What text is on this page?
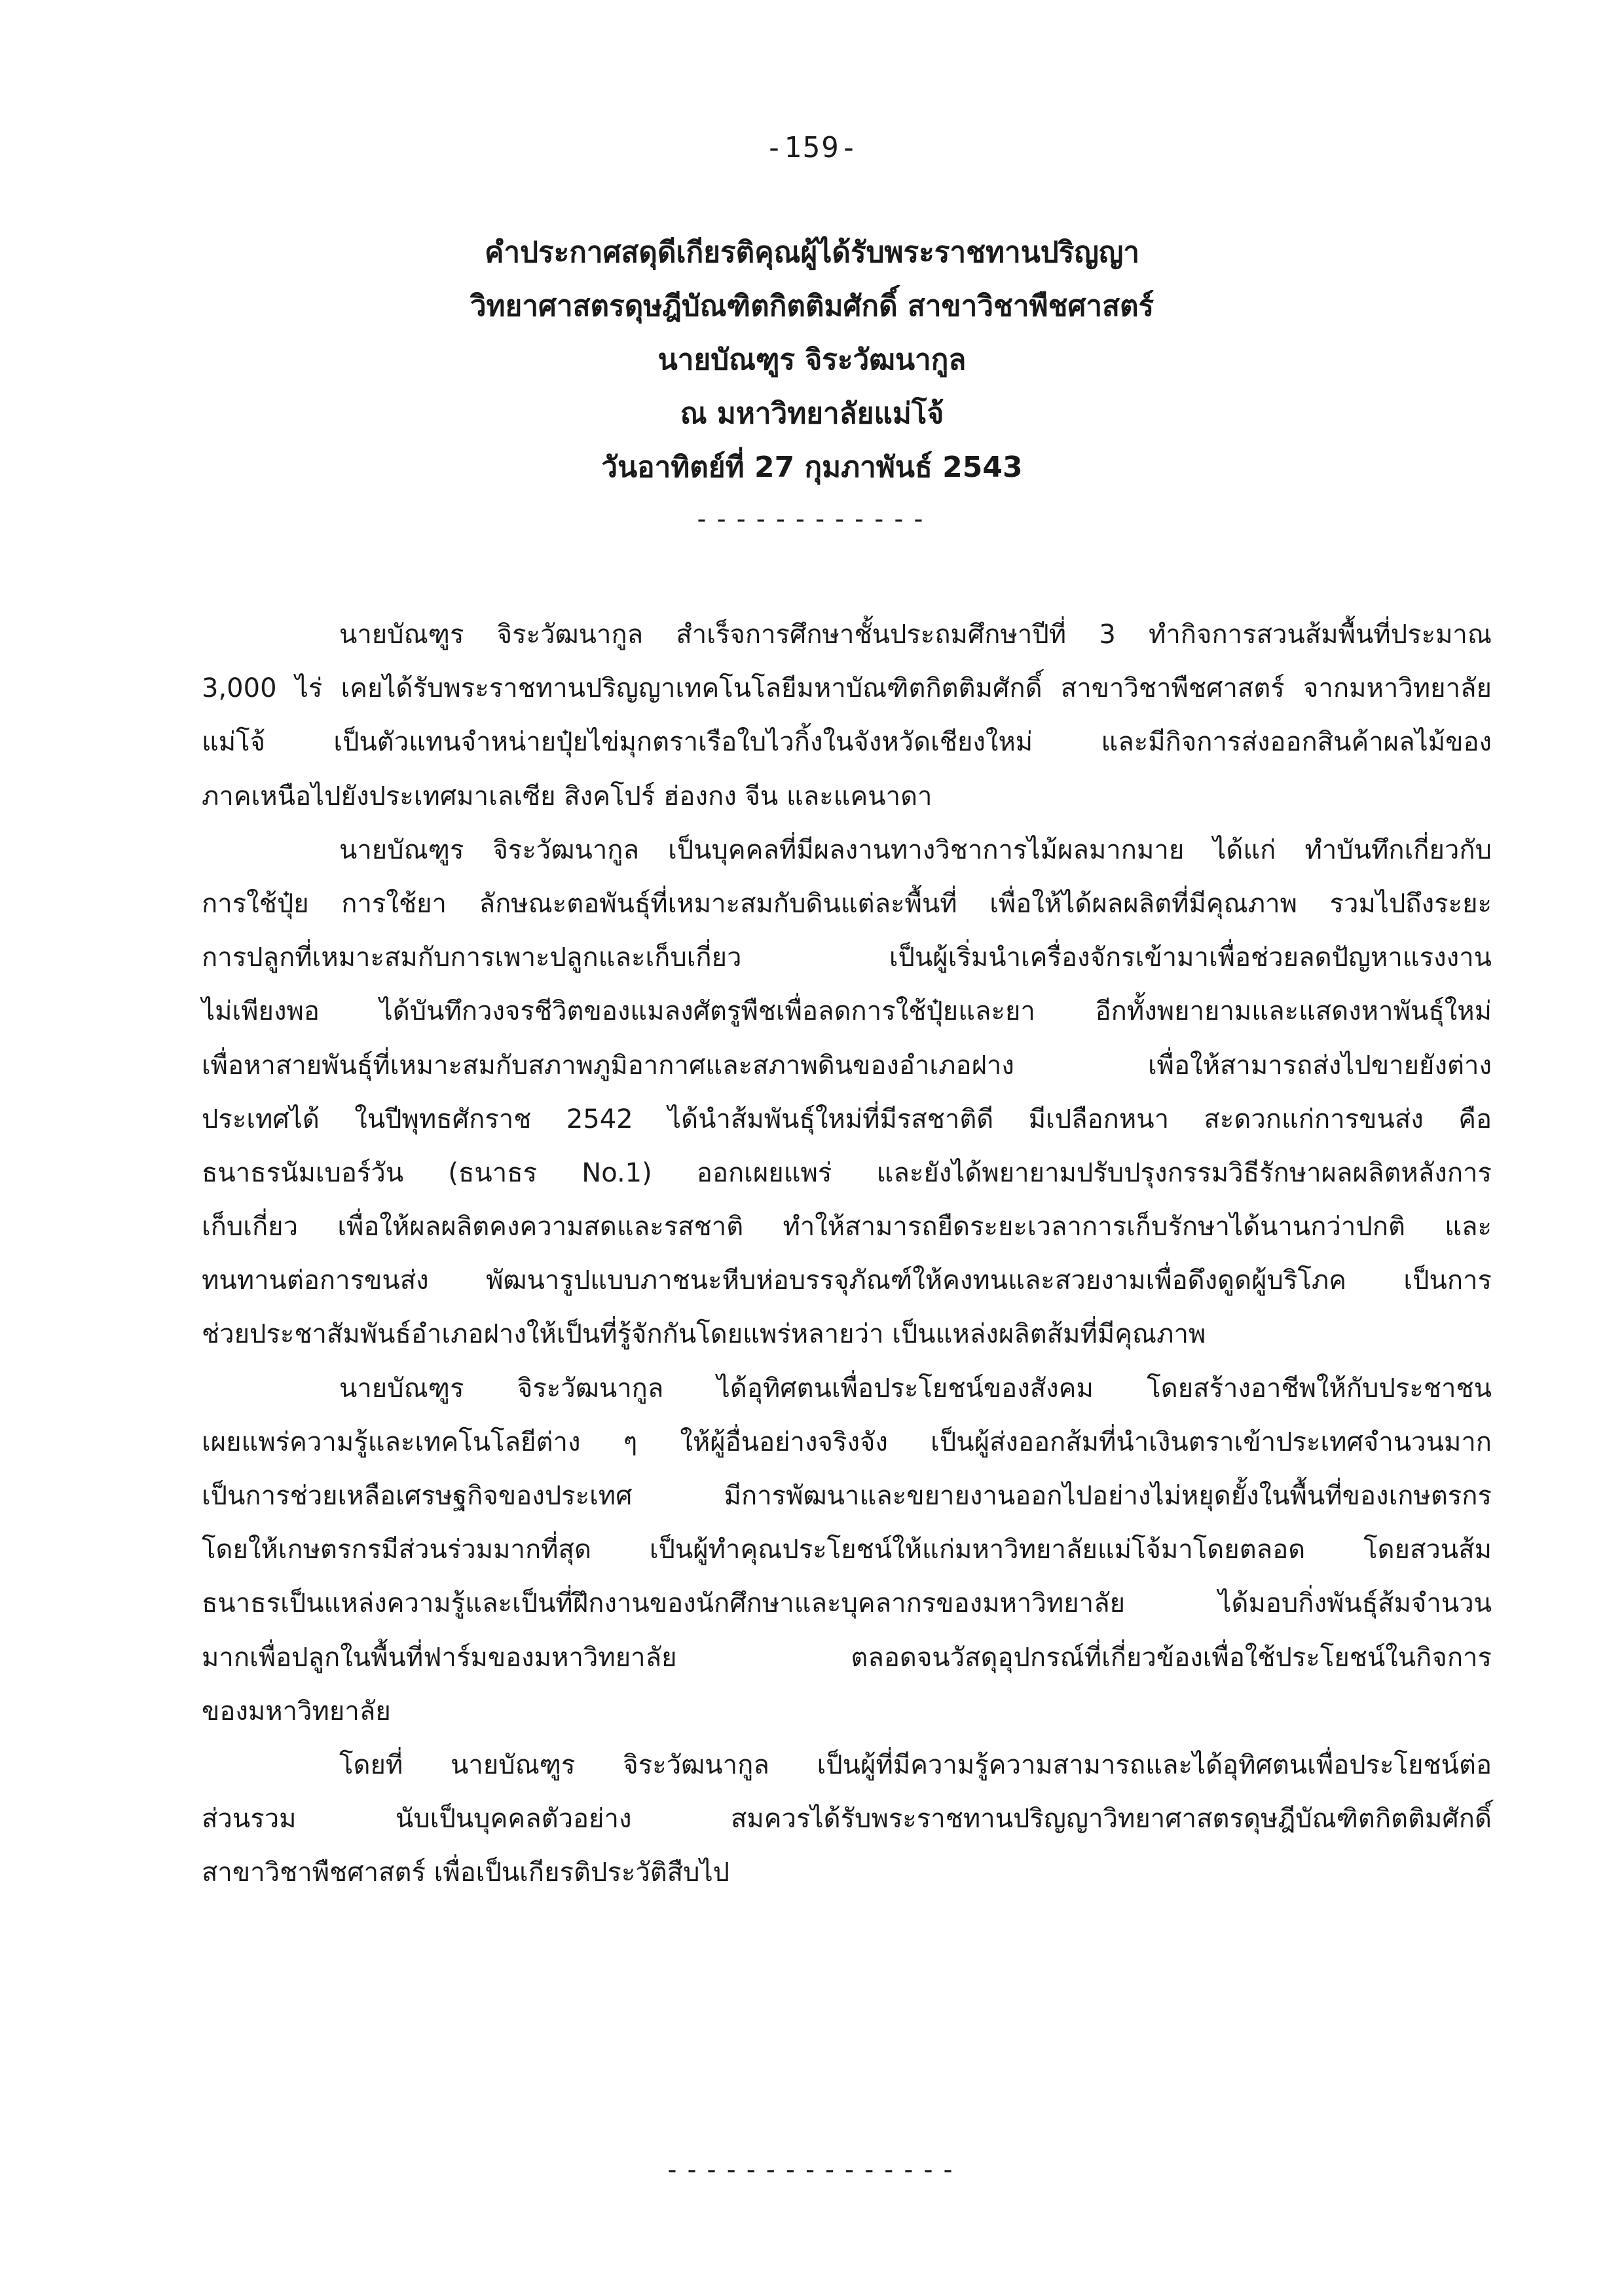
-159-
คำประกาศสดุดีเกียรติคุณผู้ได้รับพระราชทานปริญญา
วิทยาศาสตรดุษฎีบัณฑิตกิตติมศักดิ์ สาขาวิชาพืชศาสตร์
นายบัณฑูร จิระวัฒนากูล
ณ มหาวิทยาลัยแม่โจ้
วันอาทิตย์ที่ 27 กุมภาพันธ์ 2543
------------
นายบัณฑูร จิระวัฒนากูล สำเร็จการศึกษาชั้นประถมศึกษาปีที่ 3 ทำกิจการสวนส้มพื้นที่ประมาณ
3,000 ไร่ เคยได้รับพระราชทานปริญญาเทคโนโลยีมหาบัณฑิตกิตติมศักดิ์ สาขาวิชาพืชศาสตร์ จากมหาวิทยาลัย
แม่โจ้ เป็นตัวแทนจำหน่ายปุ๋ยไข่มุกตราเรือใบไวกิ้งในจังหวัดเชียงใหม่ และมีกิจการส่งออกสินค้าผลไม้ของ
ภาคเหนือไปยังประเทศมาเลเซีย สิงคโปร์ ฮ่องกง จีน และแคนาดา
นายบัณฑูร จิระวัฒนากูล เป็นบุคคลที่มีผลงานทางวิชาการไม้ผลมากมาย ได้แก่ ทำบันทึกเกี่ยวกับ
การใช้ปุ๋ย การใช้ยา ลักษณะตอพันธุ์ที่เหมาะสมกับดินแต่ละพื้นที่ เพื่อให้ได้ผลผลิตที่มีคุณภาพ รวมไปถึงระยะ
การปลูกที่เหมาะสมกับการเพาะปลูกและเก็บเกี่ยว เป็นผู้เริ่มนำเครื่องจักรเข้ามาเพื่อช่วยลดปัญหาแรงงาน
ไม่เพียงพอ ได้บันทึกวงจรชีวิตของแมลงศัตรูพืชเพื่อลดการใช้ปุ๋ยและยา อีกทั้งพยายามและแสดงหาพันธุ์ใหม่
เพื่อหาสายพันธุ์ที่เหมาะสมกับสภาพภูมิอากาศและสภาพดินของอำเภอฝาง เพื่อให้สามารถส่งไปขายยังต่าง
ประเทศได้ ในปีพุทธศักราช 2542 ได้นำส้มพันธุ์ใหม่ที่มีรสชาติดี มีเปลือกหนา สะดวกแก่การขนส่ง คือ
ธนาธรนัมเบอร์วัน (ธนาธร No.1) ออกเผยแพร่ และยังได้พยายามปรับปรุงกรรมวิธีรักษาผลผลิตหลังการ
เก็บเกี่ยว เพื่อให้ผลผลิตคงความสดและรสชาติ ทำให้สามารถยืดระยะเวลาการเก็บรักษาได้นานกว่าปกติ และ
ทนทานต่อการขนส่ง พัฒนารูปแบบภาชนะหีบห่อบรรจุภัณฑ์ให้คงทนและสวยงามเพื่อดึงดูดผู้บริโภค เป็นการ
ช่วยประชาสัมพันธ์อำเภอฝางให้เป็นที่รู้จักกันโดยแพร่หลายว่า เป็นแหล่งผลิตส้มที่มีคุณภาพ
นายบัณฑูร จิระวัฒนากูล ได้อุทิศตนเพื่อประโยชน์ของสังคม โดยสร้างอาชีพให้กับประชาชน
เผยแพร่ความรู้และเทคโนโลยีต่าง ๆ ให้ผู้อื่นอย่างจริงจัง เป็นผู้ส่งออกส้มที่นำเงินตราเข้าประเทศจำนวนมาก
เป็นการช่วยเหลือเศรษฐกิจของประเทศ มีการพัฒนาและขยายงานออกไปอย่างไม่หยุดยั้งในพื้นที่ของเกษตรกร
โดยให้เกษตรกรมีส่วนร่วมมากที่สุด เป็นผู้ทำคุณประโยชน์ให้แก่มหาวิทยาลัยแม่โจ้มาโดยตลอด โดยสวนส้ม
ธนาธรเป็นแหล่งความรู้และเป็นที่ฝึกงานของนักศึกษาและบุคลากรของมหาวิทยาลัย ได้มอบกิ่งพันธุ์ส้มจำนวน
มากเพื่อปลูกในพื้นที่ฟาร์มของมหาวิทยาลัย ตลอดจนวัสดุอุปกรณ์ที่เกี่ยวข้องเพื่อใช้ประโยชน์ในกิจการ
ของมหาวิทยาลัย
โดยที่ นายบัณฑูร จิระวัฒนากูล เป็นผู้ที่มีความรู้ความสามารถและได้อุทิศตนเพื่อประโยชน์ต่อ
ส่วนรวม นับเป็นบุคคลตัวอย่าง สมควรได้รับพระราชทานปริญญาวิทยาศาสตรดุษฎีบัณฑิตกิตติมศักดิ์
สาขาวิชาพืชศาสตร์ เพื่อเป็นเกียรติประวัติสืบไป
---------------
